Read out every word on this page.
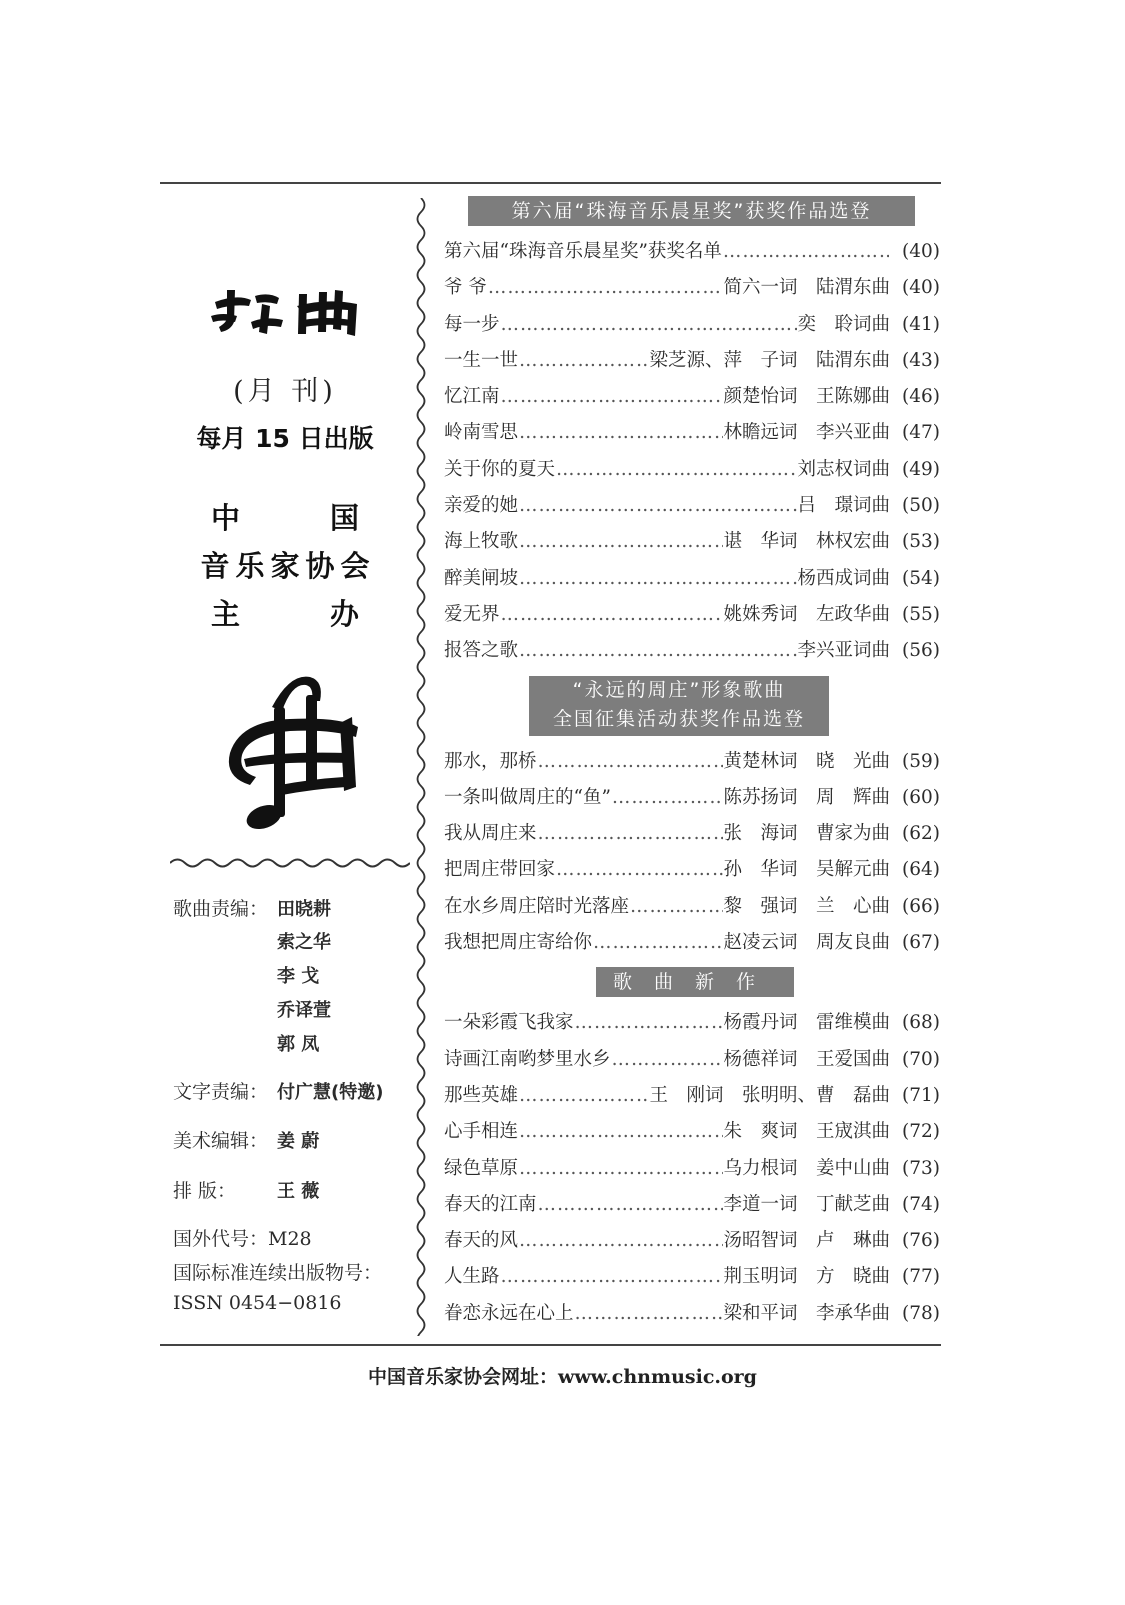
(月 刊)
每月 15 日出版
中 国
音乐家协会
主 办
歌曲责编： 田晓耕
索之华
李 戈
乔译萱
郭 凤
文字责编： 付广慧(特邀)
美术编辑： 姜 蔚
排 版： 王 薇
国外代号：M28
国际标准连续出版物号：
ISSN 0454−0816
第六届“珠海音乐晨星奖”获奖作品选登
第六届“珠海音乐晨星奖”获奖名单 ……………………………………………………………………	(40)
爷 爷 ……………………………………………………………………	简六一词　陆渭东曲 (40)
每一步 ……………………………………………………………………	奕　聆词曲 (41)
一生一世 ……………………………………………………………………	梁芝源、萍　子词　陆渭东曲 (43)
忆江南 ……………………………………………………………………	颜楚怡词　王陈娜曲 (46)
岭南雪思 ……………………………………………………………………	林瞻远词　李兴亚曲 (47)
关于你的夏天 ……………………………………………………………………	刘志权词曲 (49)
亲爱的她 ……………………………………………………………………	吕　璟词曲 (50)
海上牧歌 ……………………………………………………………………	谌　华词　林权宏曲 (53)
醉美闸坡 ……………………………………………………………………	杨西成词曲 (54)
爱无界 ……………………………………………………………………	姚姝秀词　左政华曲 (55)
报答之歌 ……………………………………………………………………	李兴亚词曲 (56)
“永远的周庄”形象歌曲
全国征集活动获奖作品选登
那水，那桥 ……………………………………………………………………	黄楚林词　晓　光曲 (59)
一条叫做周庄的“鱼” ……………………………………………………………………	陈苏扬词　周　辉曲 (60)
我从周庄来 ……………………………………………………………………	张　海词　曹家为曲 (62)
把周庄带回家 ……………………………………………………………………	孙　华词　吴解元曲 (64)
在水乡周庄陪时光落座 ……………………………………………………………………	黎　强词　兰　心曲 (66)
我想把周庄寄给你 ……………………………………………………………………	赵凌云词　周友良曲 (67)
歌曲新作
一朵彩霞飞我家 ……………………………………………………………………	杨霞丹词　雷维模曲 (68)
诗画江南哟梦里水乡 ……………………………………………………………………	杨德祥词　王爱国曲 (70)
那些英雄 ……………………………………………………………………	王　刚词　张明明、曹　磊曲 (71)
心手相连 ……………………………………………………………………	朱　爽词　王宬淇曲 (72)
绿色草原 ……………………………………………………………………	乌力根词　姜中山曲 (73)
春天的江南 ……………………………………………………………………	李道一词　丁献芝曲 (74)
春天的风 ……………………………………………………………………	汤昭智词　卢　琳曲 (76)
人生路 ……………………………………………………………………	荆玉明词　方　晓曲 (77)
眷恋永远在心上 ……………………………………………………………………	梁和平词　李承华曲 (78)
中国音乐家协会网址：www.chnmusic.org
